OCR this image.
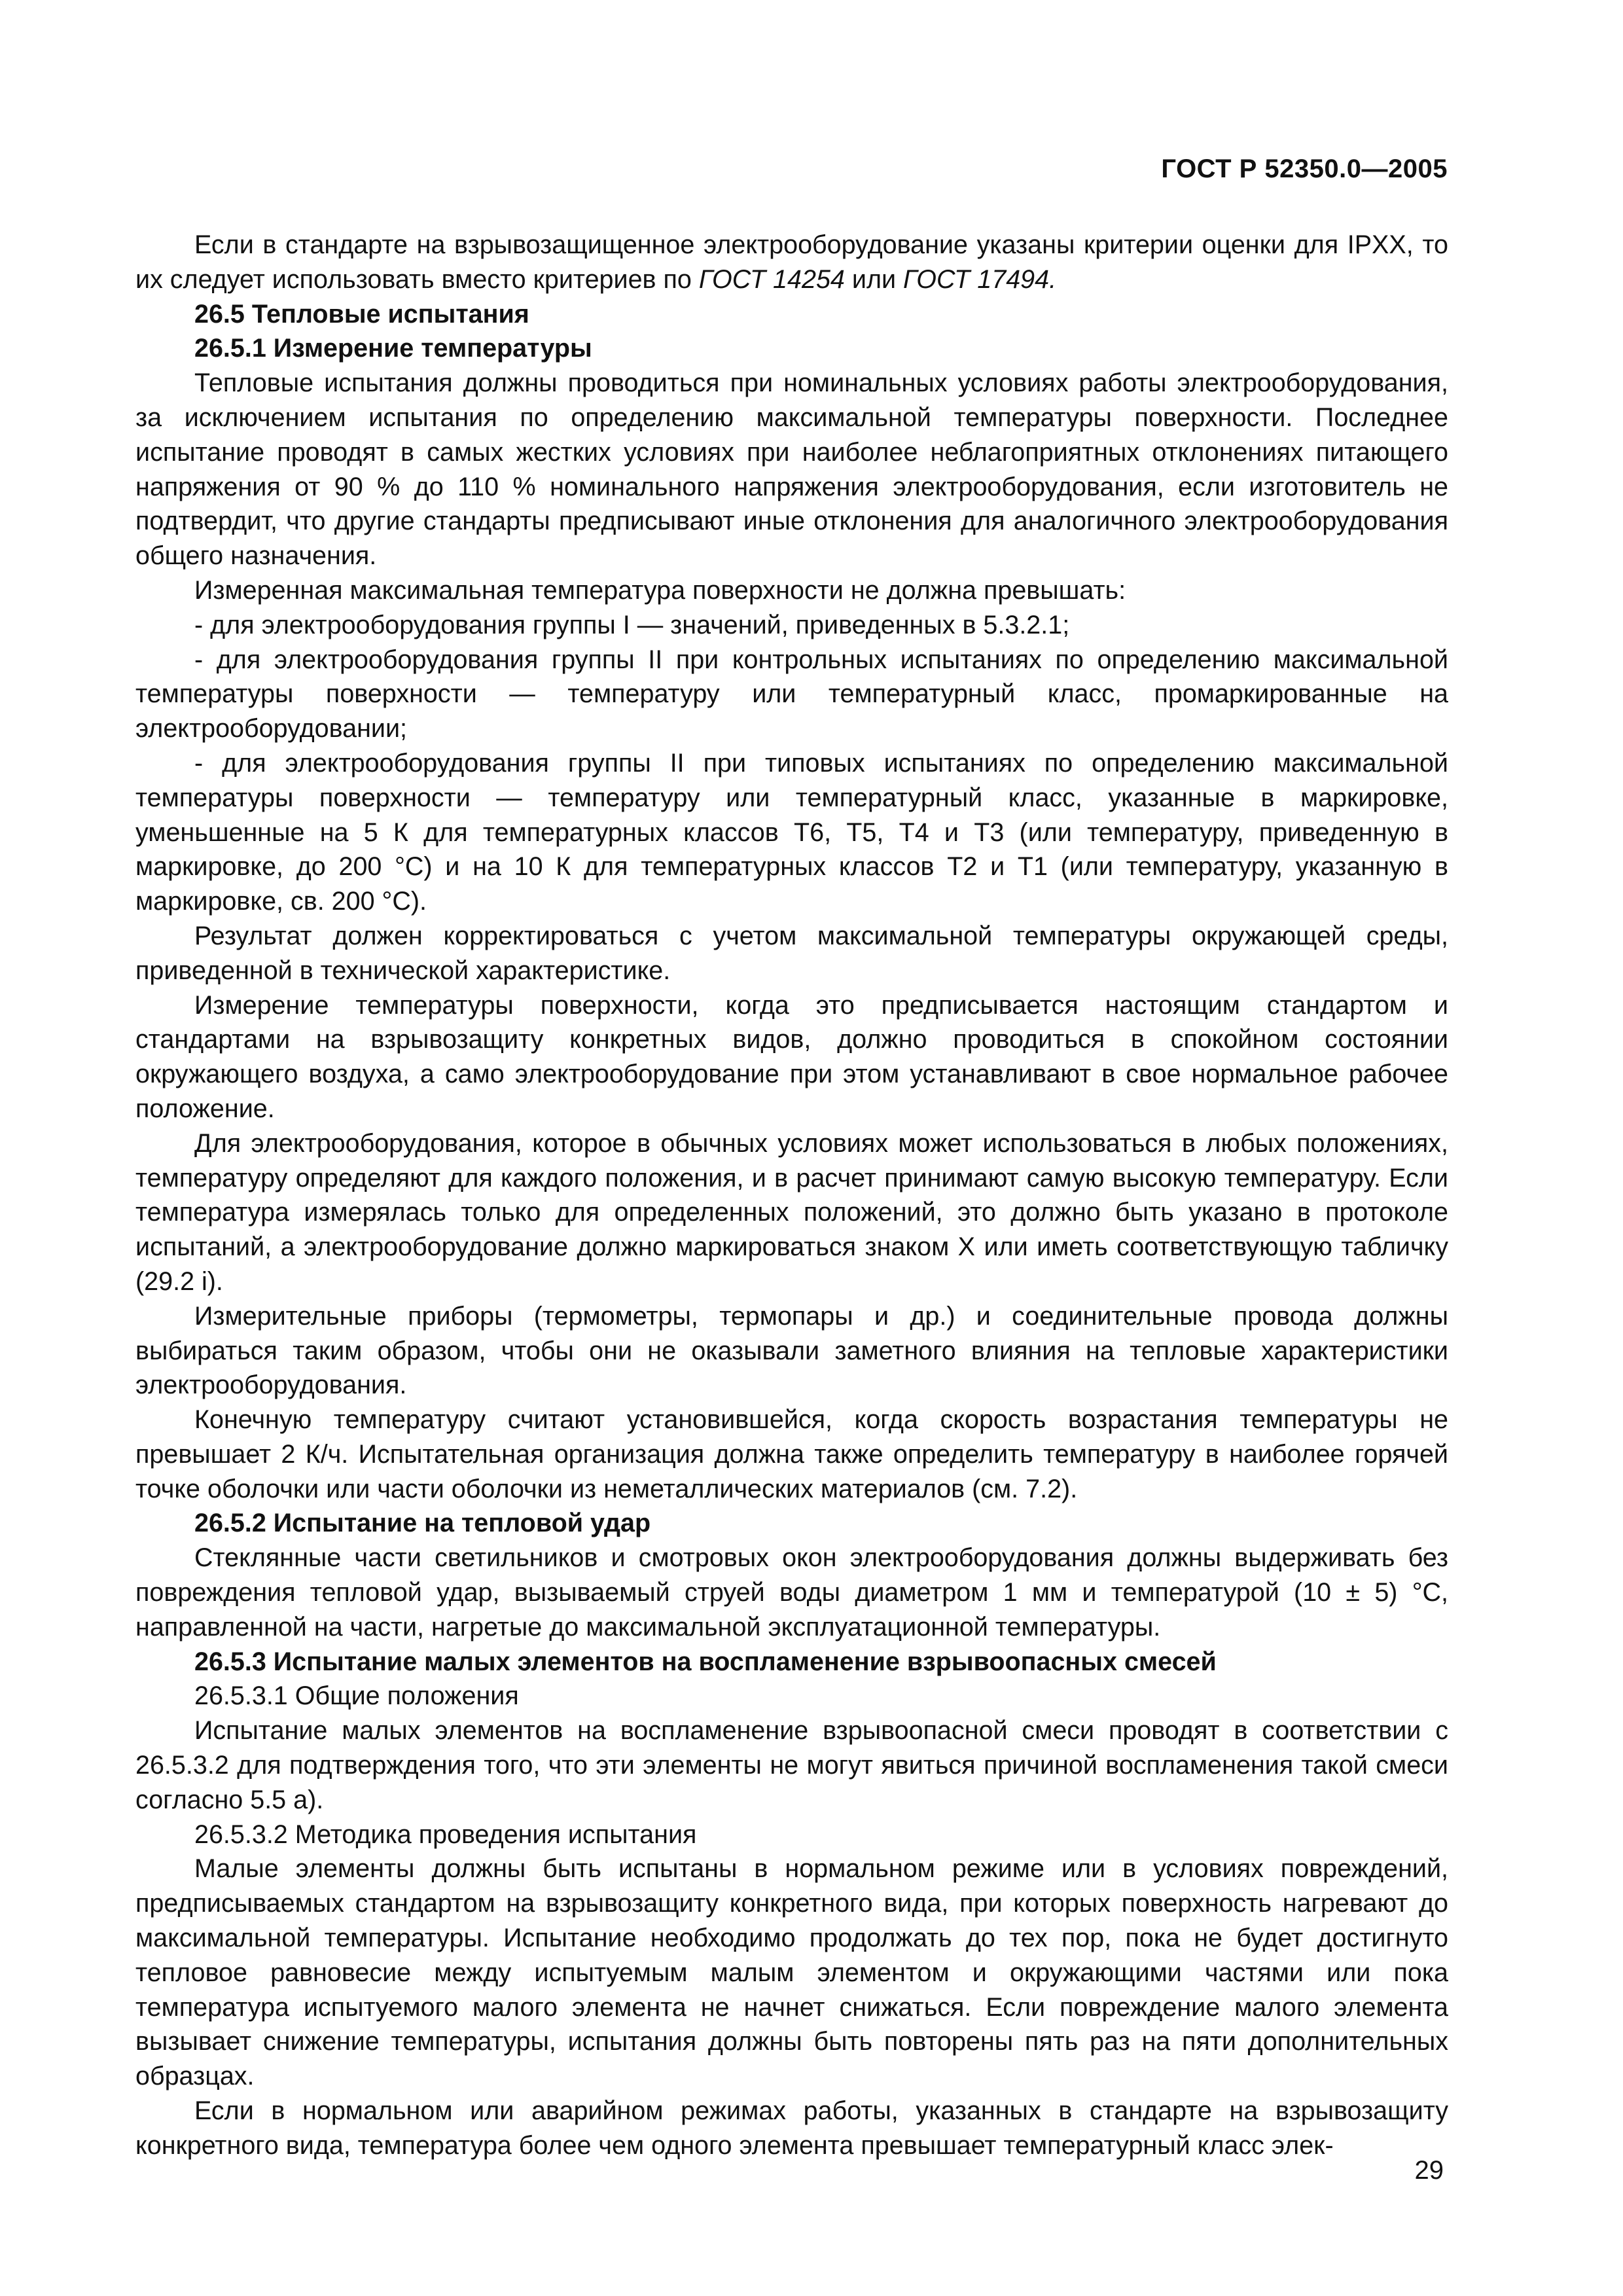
ГОСТ Р 52350.0—2005

Если в стандарте на взрывозащищенное электрооборудование указаны критерии оценки для IPXX, то их следует использовать вместо критериев по ГОСТ 14254 или ГОСТ 17494.

26.5 Тепловые испытания

26.5.1 Измерение температуры

Тепловые испытания должны проводиться при номинальных условиях работы электрооборудования, за исключением испытания по определению максимальной температуры поверхности. Последнее испытание проводят в самых жестких условиях при наиболее неблагоприятных отклонениях питающего напряжения от 90 % до 110 % номинального напряжения электрооборудования, если изготовитель не подтвердит, что другие стандарты предписывают иные отклонения для аналогичного электрооборудования общего назначения.

Измеренная максимальная температура поверхности не должна превышать:

- для электрооборудования группы I — значений, приведенных в 5.3.2.1;

- для электрооборудования группы II при контрольных испытаниях по определению максимальной температуры поверхности — температуру или температурный класс, промаркированные на электрооборудовании;

- для электрооборудования группы II при типовых испытаниях по определению максимальной температуры поверхности — температуру или температурный класс, указанные в маркировке, уменьшенные на 5 К для температурных классов Т6, Т5, Т4 и Т3 (или температуру, приведенную в маркировке, до 200 °С) и на 10 К для температурных классов Т2 и Т1 (или температуру, указанную в маркировке, св. 200 °С).

Результат должен корректироваться с учетом максимальной температуры окружающей среды, приведенной в технической характеристике.

Измерение температуры поверхности, когда это предписывается настоящим стандартом и стандартами на взрывозащиту конкретных видов, должно проводиться в спокойном состоянии окружающего воздуха, а само электрооборудование при этом устанавливают в свое нормальное рабочее положение.

Для электрооборудования, которое в обычных условиях может использоваться в любых положениях, температуру определяют для каждого положения, и в расчет принимают самую высокую температуру. Если температура измерялась только для определенных положений, это должно быть указано в протоколе испытаний, а электрооборудование должно маркироваться знаком X или иметь соответствующую табличку (29.2 i).

Измерительные приборы (термометры, термопары и др.) и соединительные провода должны выбираться таким образом, чтобы они не оказывали заметного влияния на тепловые характеристики электрооборудования.

Конечную температуру считают установившейся, когда скорость возрастания температуры не превышает 2 К/ч. Испытательная организация должна также определить температуру в наиболее горячей точке оболочки или части оболочки из неметаллических материалов (см. 7.2).

26.5.2 Испытание на тепловой удар

Стеклянные части светильников и смотровых окон электрооборудования должны выдерживать без повреждения тепловой удар, вызываемый струей воды диаметром 1 мм и температурой (10 ± 5) °С, направленной на части, нагретые до максимальной эксплуатационной температуры.

26.5.3 Испытание малых элементов на воспламенение взрывоопасных смесей

26.5.3.1 Общие положения

Испытание малых элементов на воспламенение взрывоопасной смеси проводят в соответствии с 26.5.3.2 для подтверждения того, что эти элементы не могут явиться причиной воспламенения такой смеси согласно 5.5 а).

26.5.3.2 Методика проведения испытания

Малые элементы должны быть испытаны в нормальном режиме или в условиях повреждений, предписываемых стандартом на взрывозащиту конкретного вида, при которых поверхность нагревают до максимальной температуры. Испытание необходимо продолжать до тех пор, пока не будет достигнуто тепловое равновесие между испытуемым малым элементом и окружающими частями или пока температура испытуемого малого элемента не начнет снижаться. Если повреждение малого элемента вызывает снижение температуры, испытания должны быть повторены пять раз на пяти дополнительных образцах.

Если в нормальном или аварийном режимах работы, указанных в стандарте на взрывозащиту конкретного вида, температура более чем одного элемента превышает температурный класс элек-

29
